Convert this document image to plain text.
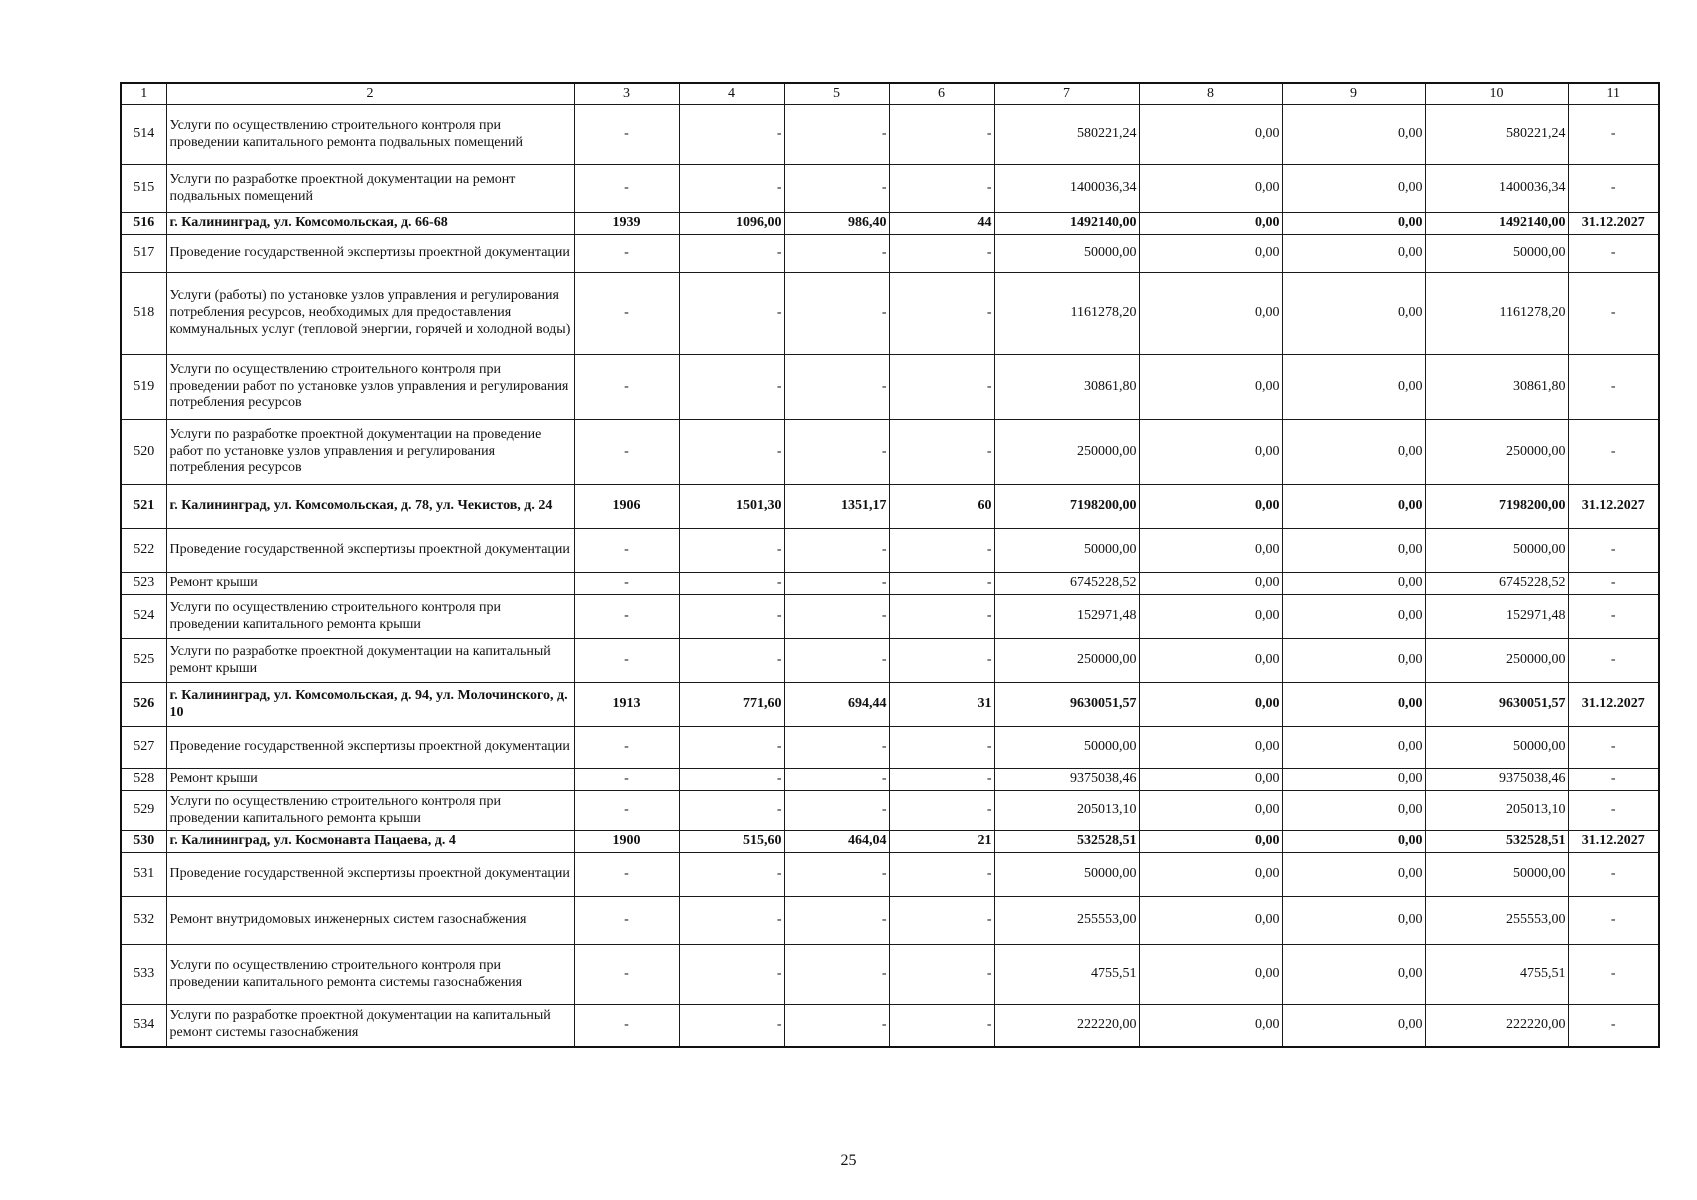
1	2	3	4	5	6	7	8	9	10	11
514	Услуги по осуществлению строительного контроля при проведении капитального ремонта подвальных помещений	-	-	-	-	580221,24	0,00	0,00	580221,24	-
515	Услуги по разработке проектной документации на ремонт подвальных помещений	-	-	-	-	1400036,34	0,00	0,00	1400036,34	-
516	г. Калининград, ул. Комсомольская, д. 66-68	1939	1096,00	986,40	44	1492140,00	0,00	0,00	1492140,00	31.12.2027
517	Проведение государственной экспертизы проектной документации	-	-	-	-	50000,00	0,00	0,00	50000,00	-
518	Услуги (работы) по установке узлов управления и регулирования потребления ресурсов, необходимых для предоставления коммунальных услуг (тепловой энергии, горячей и холодной воды)	-	-	-	-	1161278,20	0,00	0,00	1161278,20	-
519	Услуги по осуществлению строительного контроля при проведении работ по установке узлов управления и регулирования потребления ресурсов	-	-	-	-	30861,80	0,00	0,00	30861,80	-
520	Услуги по разработке проектной документации на проведение работ по установке узлов управления и регулирования потребления ресурсов	-	-	-	-	250000,00	0,00	0,00	250000,00	-
521	г. Калининград, ул. Комсомольская, д. 78, ул. Чекистов, д. 24	1906	1501,30	1351,17	60	7198200,00	0,00	0,00	7198200,00	31.12.2027
522	Проведение государственной экспертизы проектной документации	-	-	-	-	50000,00	0,00	0,00	50000,00	-
523	Ремонт крыши	-	-	-	-	6745228,52	0,00	0,00	6745228,52	-
524	Услуги по осуществлению строительного контроля при проведении капитального ремонта крыши	-	-	-	-	152971,48	0,00	0,00	152971,48	-
525	Услуги по разработке проектной документации на капитальный ремонт крыши	-	-	-	-	250000,00	0,00	0,00	250000,00	-
526	г. Калининград, ул. Комсомольская, д. 94, ул. Молочинского, д. 10	1913	771,60	694,44	31	9630051,57	0,00	0,00	9630051,57	31.12.2027
527	Проведение государственной экспертизы проектной документации	-	-	-	-	50000,00	0,00	0,00	50000,00	-
528	Ремонт крыши	-	-	-	-	9375038,46	0,00	0,00	9375038,46	-
529	Услуги по осуществлению строительного контроля при проведении капитального ремонта крыши	-	-	-	-	205013,10	0,00	0,00	205013,10	-
530	г. Калининград, ул. Космонавта Пацаева, д. 4	1900	515,60	464,04	21	532528,51	0,00	0,00	532528,51	31.12.2027
531	Проведение государственной экспертизы проектной документации	-	-	-	-	50000,00	0,00	0,00	50000,00	-
532	Ремонт внутридомовых инженерных систем газоснабжения	-	-	-	-	255553,00	0,00	0,00	255553,00	-
533	Услуги по осуществлению строительного контроля при проведении капитального ремонта системы газоснабжения	-	-	-	-	4755,51	0,00	0,00	4755,51	-
534	Услуги по разработке проектной документации на капитальный ремонт системы газоснабжения	-	-	-	-	222220,00	0,00	0,00	222220,00	-
25
